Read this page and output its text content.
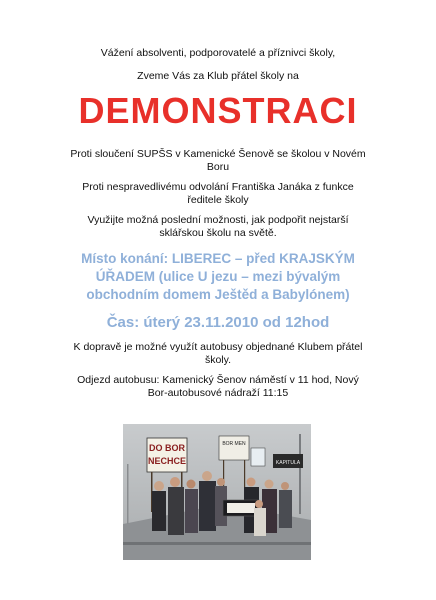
Vážení absolventi, podporovatelé a příznivci školy,
Zveme Vás za Klub přátel školy na
DEMONSTRACI
Proti sloučení SUPŠS v Kamenické Šenově se školou v Novém
Boru
Proti nespravedlivému odvolání Františka Janáka z funkce
ředitele školy
Využijte možná poslední možnosti, jak podpořit nejstarší
sklářskou školu na světě.
Místo konání: LIBEREC – před KRAJSKÝM
ÚŘADEM (ulice U jezu – mezi bývalým
obchodním domem Ještěd a Babylónem)
Čas: úterý 23.11.2010 od 12hod
K dopravě je možné využít autobusy objednané Klubem přátel
školy.
Odjezd autobusu: Kamenický Šenov náměstí v 11 hod, Nový
Bor-autobusové nádraží 11:15
DO BOR
NECHCE
BOR MEN
KAPITULA
